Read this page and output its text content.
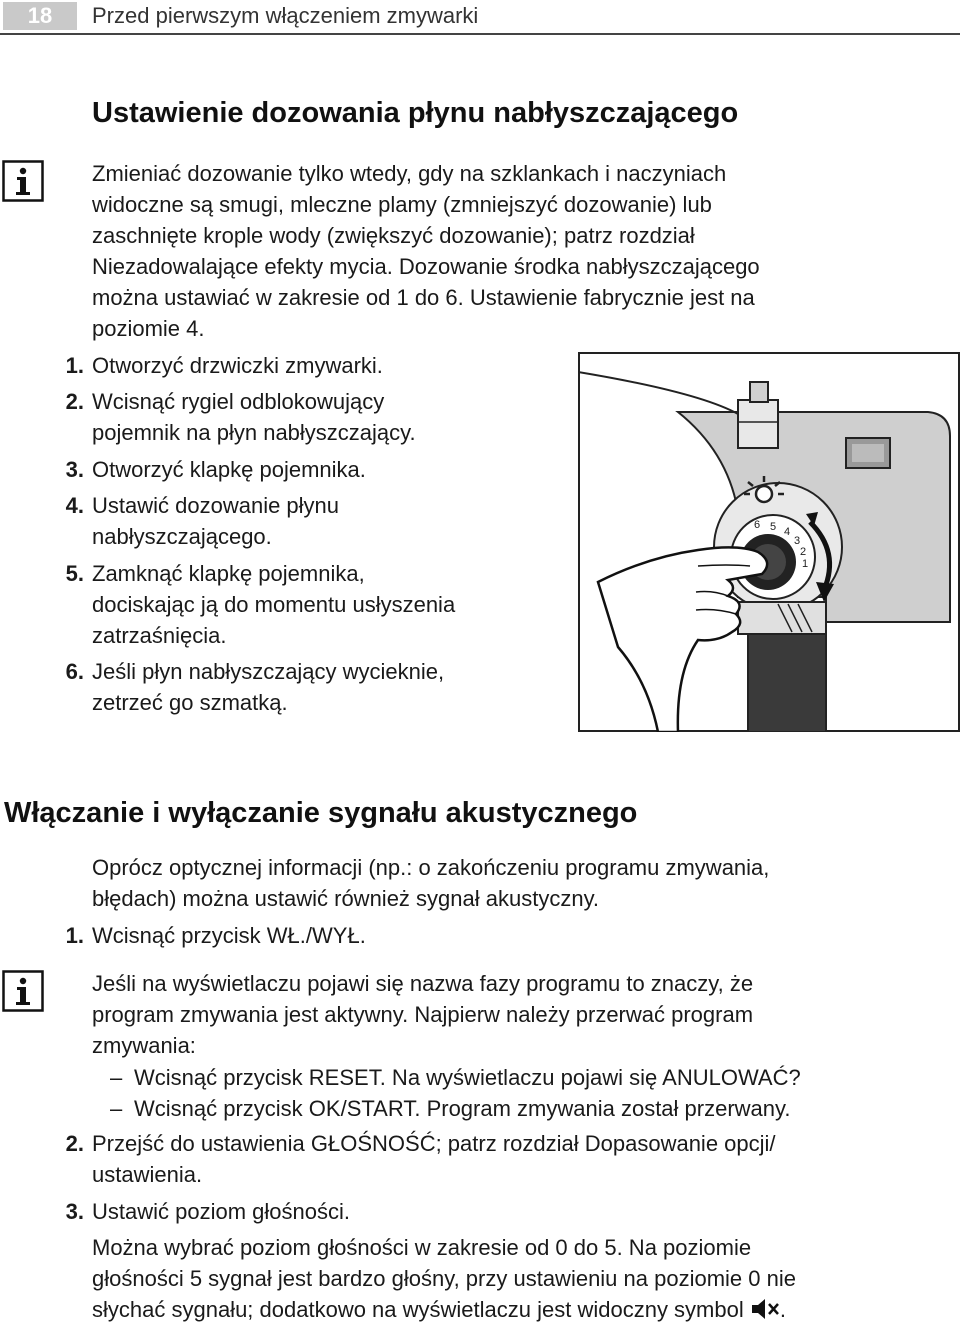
18	Przed pierwszym włączeniem zmywarki
Ustawienie dozowania płynu nabłyszczającego
Zmieniać dozowanie tylko wtedy, gdy na szklankach i naczyniach
widoczne są smugi, mleczne plamy (zmniejszyć dozowanie) lub
zaschnięte krople wody (zwiększyć dozowanie); patrz rozdział
Niezadowalające efekty mycia. Dozowanie środka nabłyszczającego
można ustawiać w zakresie od 1 do 6. Ustawienie fabrycznie jest na
poziomie 4.
1. Otworzyć drzwiczki zmywarki.
2. Wcisnąć rygiel odblokowujący
pojemnik na płyn nabłyszczający.
3. Otworzyć klapkę pojemnika.
4. Ustawić dozowanie płynu
nabłyszczającego.
5. Zamknąć klapkę pojemnika,
dociskając ją do momentu usłyszenia
zatrzaśnięcia.
6. Jeśli płyn nabłyszczający wycieknie,
zetrzeć go szmatką.
6 5 4
3
2
1
Włączanie i wyłączanie sygnału akustycznego
Oprócz optycznej informacji (np.: o zakończeniu programu zmywania,
błędach) można ustawić również sygnał akustyczny.
1. Wcisnąć przycisk WŁ./WYŁ.
Jeśli na wyświetlaczu pojawi się nazwa fazy programu to znaczy, że
program zmywania jest aktywny. Najpierw należy przerwać program
zmywania:
– Wcisnąć przycisk RESET. Na wyświetlaczu pojawi się ANULOWAĆ?
– Wcisnąć przycisk OK/START. Program zmywania został przerwany.
2. Przejść do ustawienia GŁOŚNOŚĆ; patrz rozdział Dopasowanie opcji/
ustawienia.
3. Ustawić poziom głośności.
Można wybrać poziom głośności w zakresie od 0 do 5. Na poziomie
głośności 5 sygnał jest bardzo głośny, przy ustawieniu na poziomie 0 nie
słychać sygnału; dodatkowo na wyświetlaczu jest widoczny symbol .
